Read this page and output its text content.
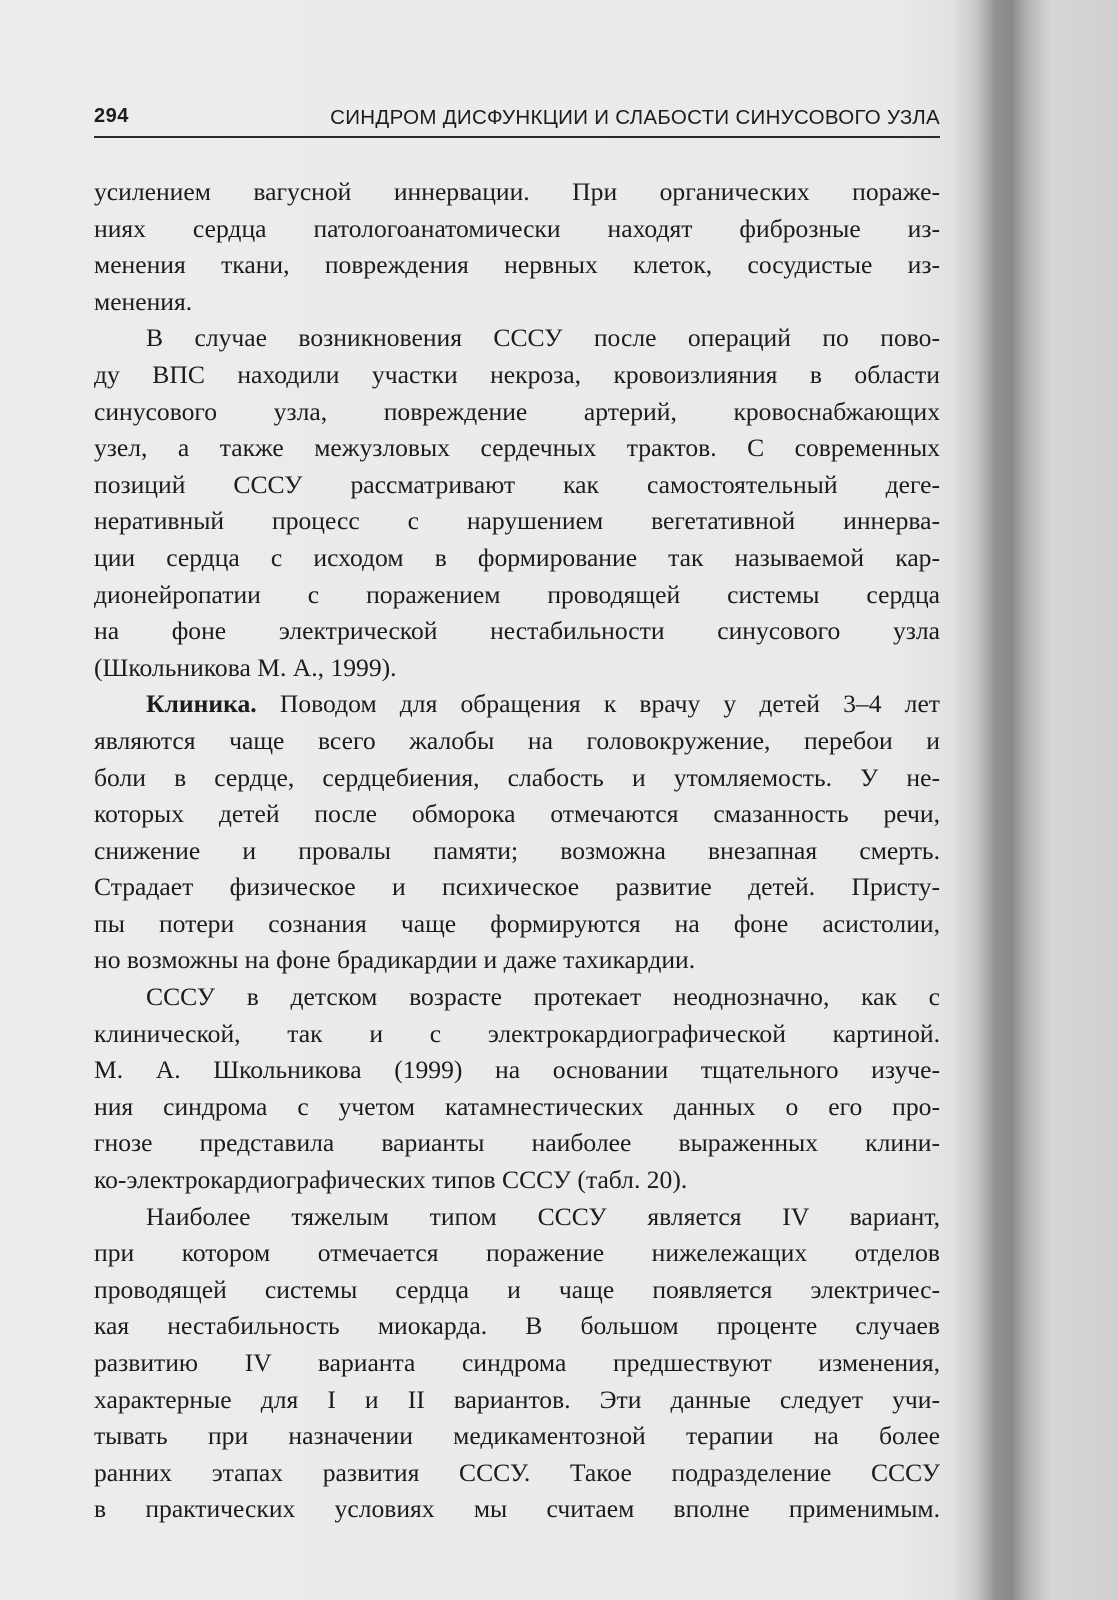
294	СИНДРОМ ДИСФУНКЦИИ И СЛАБОСТИ СИНУСОВОГО УЗЛА
усилением вагусной иннервации. При органических пораже-
ниях сердца патологоанатомически находят фиброзные из-
менения ткани, повреждения нервных клеток, сосудистые из-
менения.
В случае возникновения СССУ после операций по пово-
ду ВПС находили участки некроза, кровоизлияния в области
синусового узла, повреждение артерий, кровоснабжающих
узел, а также межузловых сердечных трактов. С современных
позиций СССУ рассматривают как самостоятельный деге-
неративный процесс с нарушением вегетативной иннерва-
ции сердца с исходом в формирование так называемой кар-
дионейропатии с поражением проводящей системы сердца
на фоне электрической нестабильности синусового узла
(Школьникова М. А., 1999).
Клиника. Поводом для обращения к врачу у детей 3–4 лет
являются чаще всего жалобы на головокружение, перебои и
боли в сердце, сердцебиения, слабость и утомляемость. У не-
которых детей после обморока отмечаются смазанность речи,
снижение и провалы памяти; возможна внезапная смерть.
Страдает физическое и психическое развитие детей. Присту-
пы потери сознания чаще формируются на фоне асистолии,
но возможны на фоне брадикардии и даже тахикардии.
СССУ в детском возрасте протекает неоднозначно, как с
клинической, так и с электрокардиографической картиной.
М. А. Школьникова (1999) на основании тщательного изуче-
ния синдрома с учетом катамнестических данных о его про-
гнозе представила варианты наиболее выраженных клини-
ко-электрокардиографических типов СССУ (табл. 20).
Наиболее тяжелым типом СССУ является IV вариант,
при котором отмечается поражение нижележащих отделов
проводящей системы сердца и чаще появляется электричес-
кая нестабильность миокарда. В большом проценте случаев
развитию IV варианта синдрома предшествуют изменения,
характерные для I и II вариантов. Эти данные следует учи-
тывать при назначении медикаментозной терапии на более
ранних этапах развития СССУ. Такое подразделение СССУ
в практических условиях мы считаем вполне применимым.
